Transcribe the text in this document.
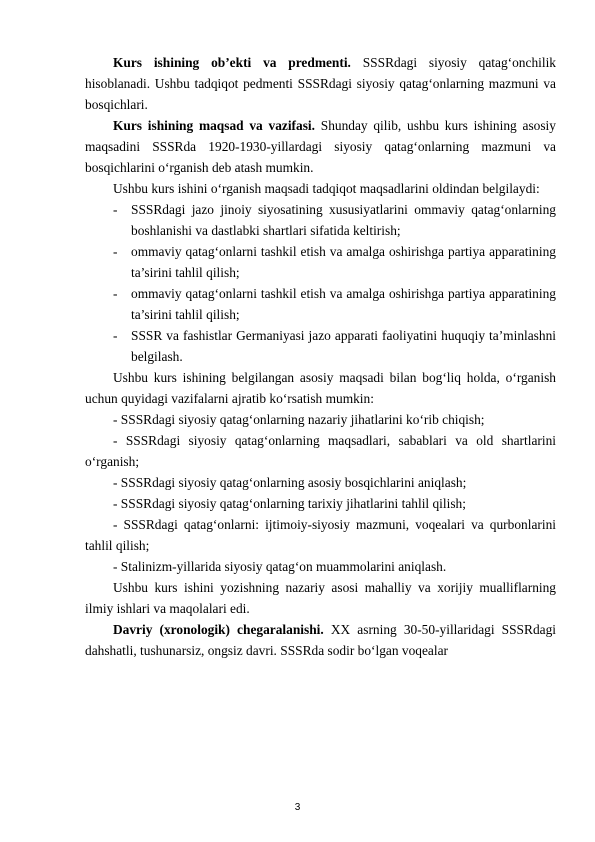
Kurs ishining ob’ekti va predmenti. SSSRdagi siyosiy qatag‘onchilik hisoblanadi. Ushbu tadqiqot pedmenti SSSRdagi siyosiy qatag‘onlarning mazmuni va bosqichlari.

Kurs ishining maqsad va vazifasi. Shunday qilib, ushbu kurs ishining asosiy maqsadini SSSRda 1920-1930-yillardagi siyosiy qatag‘onlarning mazmuni va bosqichlarini o‘rganish deb atash mumkin.

Ushbu kurs ishini o‘rganish maqsadi tadqiqot maqsadlarini oldindan belgilaydi:

- SSSRdagi jazo jinoiy siyosatining xususiyatlarini ommaviy qatag‘onlarning boshlanishi va dastlabki shartlari sifatida keltirish;
- ommaviy qatag‘onlarni tashkil etish va amalga oshirishga partiya apparatining ta’sirini tahlil qilish;
- ommaviy qatag‘onlarni tashkil etish va amalga oshirishga partiya apparatining ta’sirini tahlil qilish;
- SSSR va fashistlar Germaniyasi jazo apparati faoliyatini huquqiy ta’minlashni belgilash.

Ushbu kurs ishining belgilangan asosiy maqsadi bilan bog‘liq holda, o‘rganish uchun quyidagi vazifalarni ajratib ko‘rsatish mumkin:

- SSSRdagi siyosiy qatag‘onlarning nazariy jihatlarini ko‘rib chiqish;

- SSSRdagi siyosiy qatag‘onlarning maqsadlari, sabablari va old shartlarini o‘rganish;

- SSSRdagi siyosiy qatag‘onlarning asosiy bosqichlarini aniqlash;

- SSSRdagi siyosiy qatag‘onlarning tarixiy jihatlarini tahlil qilish;

- SSSRdagi qatag‘onlarni: ijtimoiy-siyosiy mazmuni, voqealari va qurbonlarini tahlil qilish;

- Stalinizm-yillarida siyosiy qatag‘on muammolarini aniqlash.

Ushbu kurs ishini yozishning nazariy asosi mahalliy va xorijiy mualliflarning ilmiy ishlari va maqolalari edi.

Davriy (xronologik) chegaralanishi. XX asrning 30-50-yillaridagi SSSRdagi dahshatli, tushunarsiz, ongsiz davri. SSSRda sodir bo‘lgan voqealar

3
